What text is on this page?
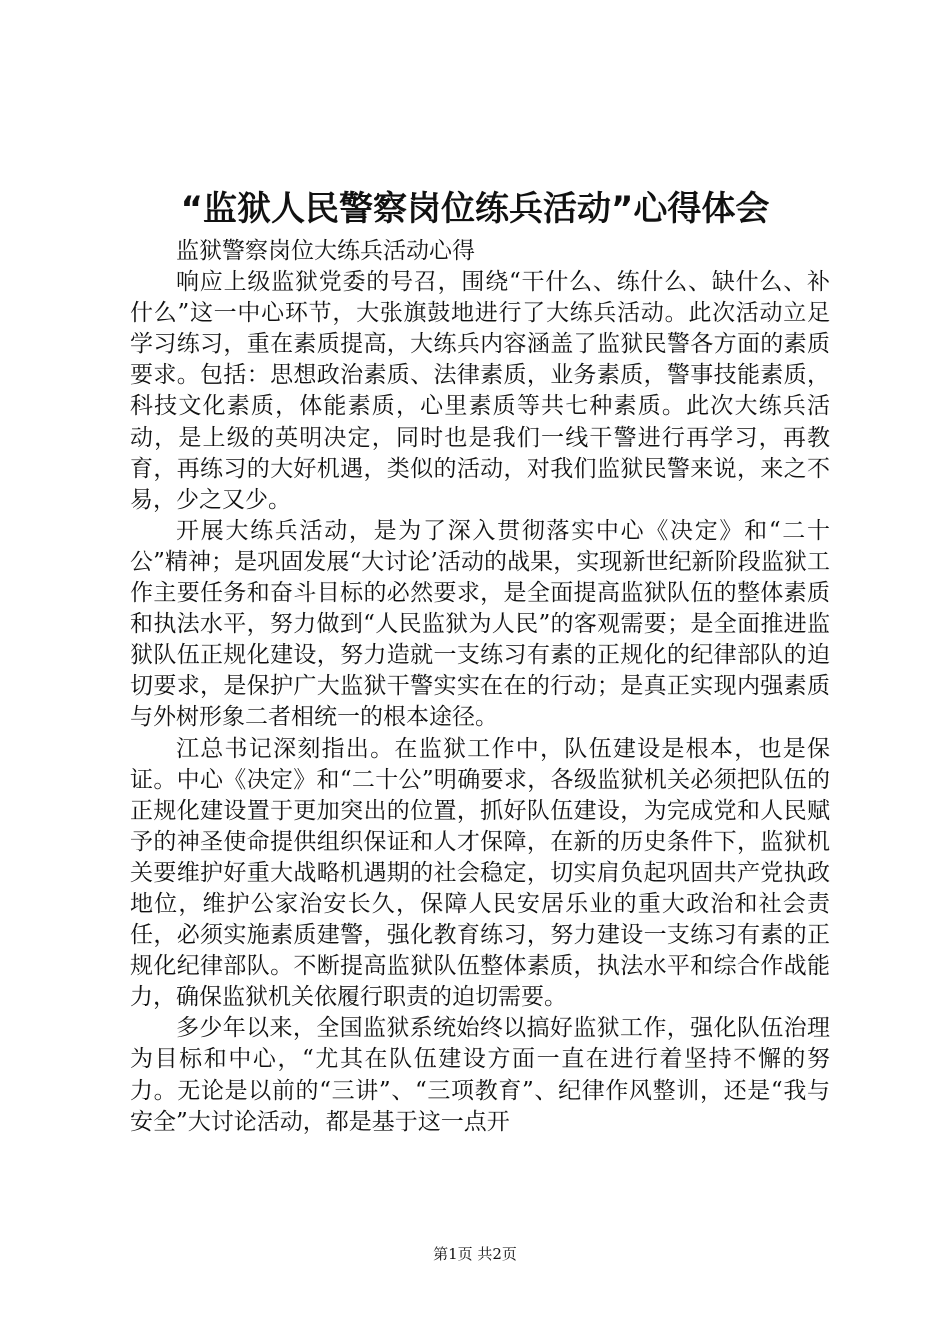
“监狱人民警察岗位练兵活动”心得体会

监狱警察岗位大练兵活动心得

响应上级监狱党委的号召，围绕“干什么、练什么、缺什么、补什么”这一中心环节，大张旗鼓地进行了大练兵活动。此次活动立足学习练习，重在素质提高，大练兵内容涵盖了监狱民警各方面的素质要求。包括：思想政治素质、法律素质，业务素质，警事技能素质，科技文化素质，体能素质，心里素质等共七种素质。此次大练兵活动，是上级的英明决定，同时也是我们一线干警进行再学习，再教育，再练习的大好机遇，类似的活动，对我们监狱民警来说，来之不易，少之又少。

开展大练兵活动，是为了深入贯彻落实中心《决定》和“二十公”精神；是巩固发展“大讨论’活动的战果，实现新世纪新阶段监狱工作主要任务和奋斗目标的必然要求，是全面提高监狱队伍的整体素质和执法水平，努力做到“人民监狱为人民”的客观需要；是全面推进监狱队伍正规化建设，努力造就一支练习有素的正规化的纪律部队的迫切要求，是保护广大监狱干警实实在在的行动；是真正实现内强素质与外树形象二者相统一的根本途径。

江总书记深刻指出。在监狱工作中，队伍建设是根本，也是保证。中心《决定》和“二十公”明确要求，各级监狱机关必须把队伍的正规化建设置于更加突出的位置，抓好队伍建设，为完成党和人民赋予的神圣使命提供组织保证和人才保障，在新的历史条件下，监狱机关要维护好重大战略机遇期的社会稳定，切实肩负起巩固共产党执政地位，维护公家治安长久，保障人民安居乐业的重大政治和社会责任，必须实施素质建警，强化教育练习，努力建设一支练习有素的正规化纪律部队。不断提高监狱队伍整体素质，执法水平和综合作战能力，确保监狱机关依履行职责的迫切需要。

多少年以来，全国监狱系统始终以搞好监狱工作，强化队伍治理为目标和中心，“尤其在队伍建设方面一直在进行着坚持不懈的努力。无论是以前的“三讲”、“三项教育”、纪律作风整训，还是“我与安全”大讨论活动，都是基于这一点开

第1页 共2页
